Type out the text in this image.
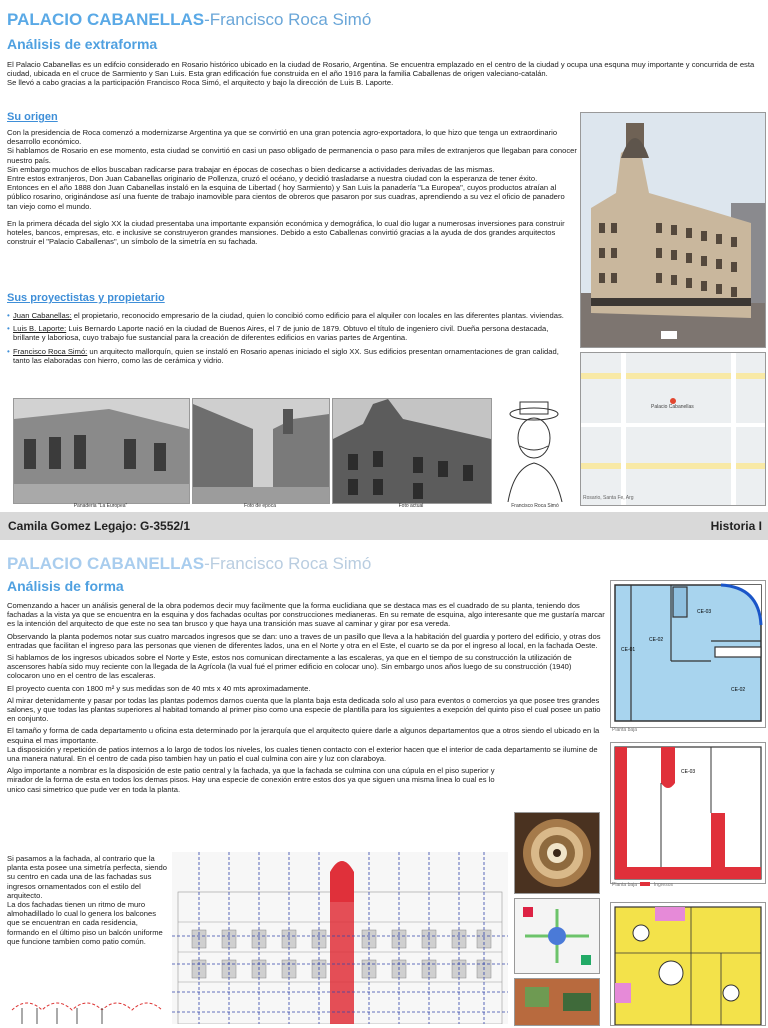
PALACIO CABANELLAS-Francisco Roca Simó
Análisis de extraforma

El Palacio Cabanellas es un edifcio considerado en Rosario histórico ubicado en la ciudad de Rosario, Argentina. Se encuentra emplazado en el centro de la ciudad y ocupa una esquna muy importante y concurrida de esta ciudad, ubicada en el cruce de Sarmiento y San Luis. Esta gran edificación fue construida en el año 1916 para la familia Caballenas de origen valeciano-catalán.

Se llevó a cabo gracias a la participación Francisco Roca Simó, el arquitecto y bajo la dirección de Luis B. Laporte.

Su origen

Con la presidencia de Roca comenzó a modernizarse Argentina ya que se convirtió en una gran potencia agro-exportadora, lo que hizo que tenga un extraordinario desarrollo económico.

Si hablamos de Rosario en ese momento, esta ciudad se convirtió en casi un paso obligado de permanencia o paso para miles de extranjeros que llegaban para conocer nuestro país.

Sin embargo muchos de ellos buscaban radicarse para trabajar en épocas de cosechas o bien dedicarse a actividades derivadas de las mismas.

Entre estos extranjeros, Don Juan Cabanellas originario de Pollenza, cruzó el océano, y decidió trasladarse a nuestra ciudad con la esperanza de tener éxito.

Entonces en el año 1888 don Juan Cabanellas instaló en la esquina de Libertad ( hoy Sarmiento) y San Luis la panadería "La Europea", cuyos productos atraían al público rosarino, originándose así una fuente de trabajo inamovible para cientos de obreros que pasaron por sus cuadras, aprendiendo a su vez el oficio de panadero tan viejo como el mundo.

En la primera década del siglo XX la ciudad presentaba una importante expansión económica y demográfica, lo cual dio lugar a numerosas inversiones para construir hoteles, bancos, empresas, etc. e inclusive se construyeron grandes mansiones. Debido a esto Caballenas convirtió gracias a la ayuda de dos grandes arquitectos construir el "Palacio Caballenas", un símbolo de la simetría en su fachada.

Sus proyectistas y propietario
• Juan Cabanellas: el propietario, reconocido empresario de la ciudad, quien lo concibió como edificio para el alquiler con locales en las diferentes plantas. viviendas.
• Luis B. Laporte: Luis Bernardo Laporte nació en la ciudad de Buenos Aires, el 7 de junio de 1879. Obtuvo el título de ingeniero civil. Dueña persona destacada, brillante y laboriosa, cuyo trabajo fue sustancial para la creación de diferentes edificios en varias partes de Argentina.
• Francisco Roca Simó: un arquitecto mallorquín, quien se instaló en Rosario apenas iniciado el siglo XX. Sus edificios presentan ornamentaciones de gran calidad, tanto las elaboradas con hierro, como las de cerámica y vidrio.
Palacio Cabanellas
Rosario, Santa Fe, Arg
Panaderia "La Europea"	Foto de epoca	Foto actual	Francisco Roca Simó
Camila Gomez Legajo: G-3552/1	Historia I
PALACIO CABANELLAS-Francisco Roca Simó
Análisis de forma

Comenzando a hacer un análisis general de la obra podemos decir muy facilmente que la forma euclidiana que se destaca mas es el cuadrado de su planta, teniendo dos fachadas a la vista ya que se encuentra en la esquina y dos fachadas ocultas por construcciones medianeras. En su remate de esquina, algo interesante que me gustaría marcar es la intención del arquitecto de que este no sea tan brusco y que haya una transición mas suave al caminar y girar por esa vereda.

Observando la planta podemos notar sus cuatro marcados ingresos que se dan: uno a traves de un pasillo que lleva a la habitación del guardia y portero del edificio, y otras dos entradas que facilitan el ingreso para las personas que vienen de diferentes lados, una en el Norte y otra en el Este, el cuarto se da por el ingreso al local, en la fachada Oeste.

Si hablamos de los ingresos ubicados sobre el Norte y Este, estos nos comunican directamente a las escaleras, ya que en el tiempo de su construcción la utilización de ascensores había sido muy reciente con la llegada de la Agrícola (la vual fué el primer edificio en colocar uno). Sin embargo unos años luego de su construcción (1940) colocaron uno en el centro de las escaleras.

El proyecto cuenta con 1800 m² y sus medidas son de 40 mts x 40 mts aproximadamente.

Al mirar detenidamente y pasar por todas las plantas podemos darnos cuenta que la planta baja esta dedicada solo al uso para eventos o comercios ya que posee tres grandes salones, y que todas las plantas superiores al habitad tomando al primer piso como una especie de plantilla para los siguientes a exepción del quinto piso el cual posee un patio en conjunto.

El tamaño y forma de cada departamento u oficina esta determinado por la jerarquía que el arquitecto quiere darle a algunos departamentos que a otros siendo el ubicado en la esquina el mas importante.

La disposición y repetición de patios internos a lo largo de todos los niveles, los cuales tienen contacto con el exterior hacen que el interior de cada departamento se ilumine de una manera natural. En el centro de cada piso tambien hay un patio el cual culmina con aire y luz con claraboya.

Algo importante a nombrar es la disposición de este patio central y la fachada, ya que la fachada se culmina con una cúpula en el piso superior y mirador de la forma de esta en todos los demas pisos. Hay una especie de conexión entre estos dos ya que siguen una misma linea lo cual es lo unico casi simetrico que pude ver en toda la planta.

Si pasamos a la fachada, al contrario que la planta esta posee una simetría perfecta, siendo su centro en cada una de las fachadas sus ingresos ornamentados con el estilo del arquitecto.

La dos fachadas tienen un ritmo de muro almohadillado lo cual lo genera los balcones que se encuentran en cada residencia, formando en el último piso un balcón uniforme que funcione tambien como patio común.

CE-03
CE-02
CE-01
CE-02
Planta baja
CE-03
Planta baja	Ingresos
